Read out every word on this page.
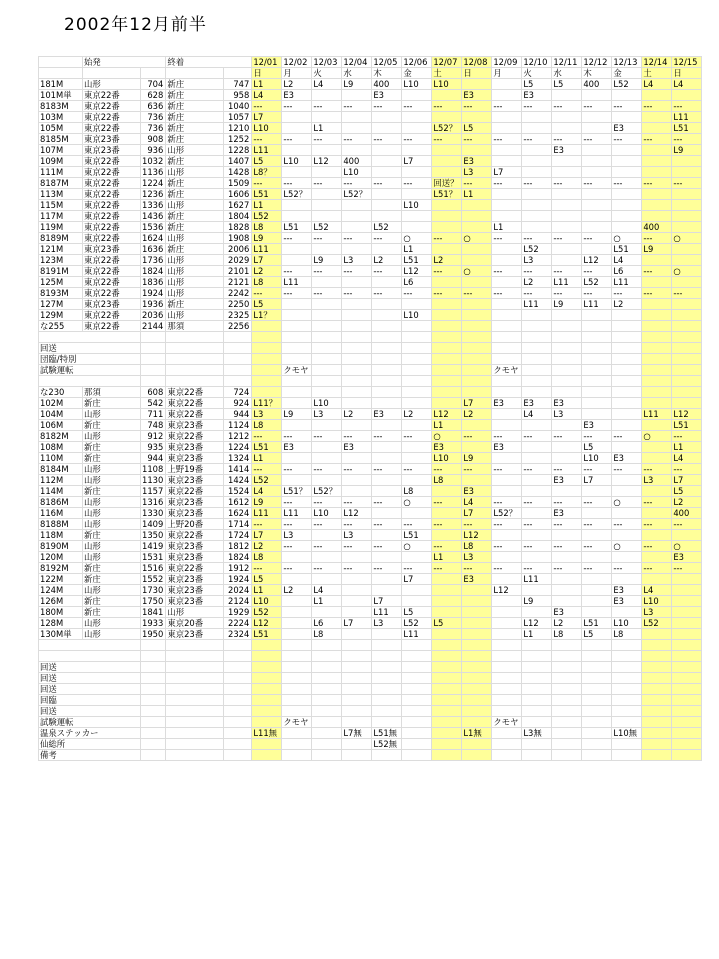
2002年12月前半
	始発		終着		12/01	12/02	12/03	12/04	12/05	12/06	12/07	12/08	12/09	12/10	12/11	12/12	12/13	12/14	12/15
					日	月	火	水	木	金	土	日	月	火	水	木	金	土	日
181M	山形	704	新庄	747	L1	L2	L4	L9	400	L10	L10			L5	L5	400	L52	L4	L4
101M単	東京22番	628	新庄	958	L4	E3			E3			E3		E3					
8183M	東京22番	636	新庄	1040	---	---	---	---	---	---	---	---	---	---	---	---	---	---	---
103M	東京22番	736	新庄	1057	L7														L11
105M	東京22番	736	新庄	1210	L10		L1				L52？	L5					E3		L51
8185M	東京23番	908	新庄	1252	---	---	---	---	---	---	---	---	---	---	---	---	---	---	---
107M	東京23番	936	山形	1228	L11										E3				L9
109M	東京22番	1032	新庄	1407	L5	L10	L12	400		L7		E3							
111M	東京22番	1136	山形	1428	L8？			L10				L3	L7						
8187M	東京22番	1224	新庄	1509	---	---	---	---	---	---	回送？	---	---	---	---	---	---	---	---
113M	東京22番	1236	新庄	1606	L51	L52？		L52？			L51？	L1							
115M	東京22番	1336	山形	1627	L1					L10									
117M	東京22番	1436	新庄	1804	L52														
119M	東京22番	1536	新庄	1828	L8	L51	L52		L52				L1					400	
8189M	東京22番	1624	山形	1908	L9	---	---	---	---	○	---	○	---	---	---	---	○	---	○
121M	東京23番	1636	新庄	2006	L11					L1				L52			L51	L9	
123M	東京22番	1736	山形	2029	L7		L9	L3	L2	L51	L2			L3		L12	L4		
8191M	東京22番	1824	山形	2101	L2	---	---	---	---	L12	---	○	---	---	---	---	L6	---	○
125M	東京22番	1836	山形	2121	L8	L11				L6				L2	L11	L52	L11		
8193M	東京22番	1924	山形	2242	---	---	---	---	---	---	---	---	---	---	---	---	---	---	---
127M	東京23番	1936	新庄	2250	L5									L11	L9	L11	L2		
129M	東京22番	2036	山形	2325	L1？					L10									
な255	東京22番	2144	那須	2256															

回送																			
団臨/特別																			
試験運転						クモヤ							クモヤ						

な230	那須	608	東京22番	724															
102M	新庄	542	東京22番	924	L11？		L10					L7	E3	E3	E3				
104M	山形	711	東京22番	944	L3	L9	L3	L2	E3	L2	L12	L2		L4	L3			L11	L12
106M	新庄	748	東京23番	1124	L8						L1					E3			L51
8182M	山形	912	東京22番	1212	---	---	---	---	---	---	○	---	---	---	---	---	---	○	---
108M	新庄	935	東京23番	1224	L51	E3		E3			E3		E3			L5			L1
110M	新庄	944	東京23番	1324	L1						L10	L9				L10	E3		L4
8184M	山形	1108	上野19番	1414	---	---	---	---	---	---	---	---	---	---	---	---	---	---	---
112M	山形	1130	東京23番	1424	L52						L8				E3	L7		L3	L7
114M	新庄	1157	東京22番	1524	L4	L51？	L52？			L8		E3							L5
8186M	山形	1316	東京23番	1612	L9	---	---	---	---	○	---	L4	---	---	---	---	○	---	L2
116M	山形	1330	東京23番	1624	L11	L11	L10	L12				L7	L52？		E3				400
8188M	山形	1409	上野20番	1714	---	---	---	---	---	---	---	---	---	---	---	---	---	---	---
118M	新庄	1350	東京22番	1724	L7	L3		L3		L51		L12							
8190M	山形	1419	東京23番	1812	L2	---	---	---	---	○	---	L8	---	---	---	---	○	---	○
120M	山形	1531	東京23番	1824	L8						L1	L3							E3
8192M	新庄	1516	東京22番	1912	---	---	---	---	---	---	---	---	---	---	---	---	---	---	---
122M	新庄	1552	東京23番	1924	L5					L7		E3		L11					
124M	山形	1730	東京23番	2024	L1	L2	L4						L12				E3	L4	
126M	新庄	1750	東京23番	2124	L10		L1		L7					L9			E3	L10	
180M	新庄	1841	山形	1929	L52				L11	L5					E3			L3	
128M	山形	1933	東京20番	2224	L12		L6	L7	L3	L52	L5			L12	L2	L51	L10	L52	
130M単	山形	1950	東京23番	2324	L51		L8			L11				L1	L8	L5	L8		

回送																			
回送																			
回送																			
回臨																			
回送																			
試験運転						クモヤ							クモヤ						
温泉ステッカー					L11無			L7無	L51無			L1無		L3無			L10無		
仙総所									L52無										
備考																			
